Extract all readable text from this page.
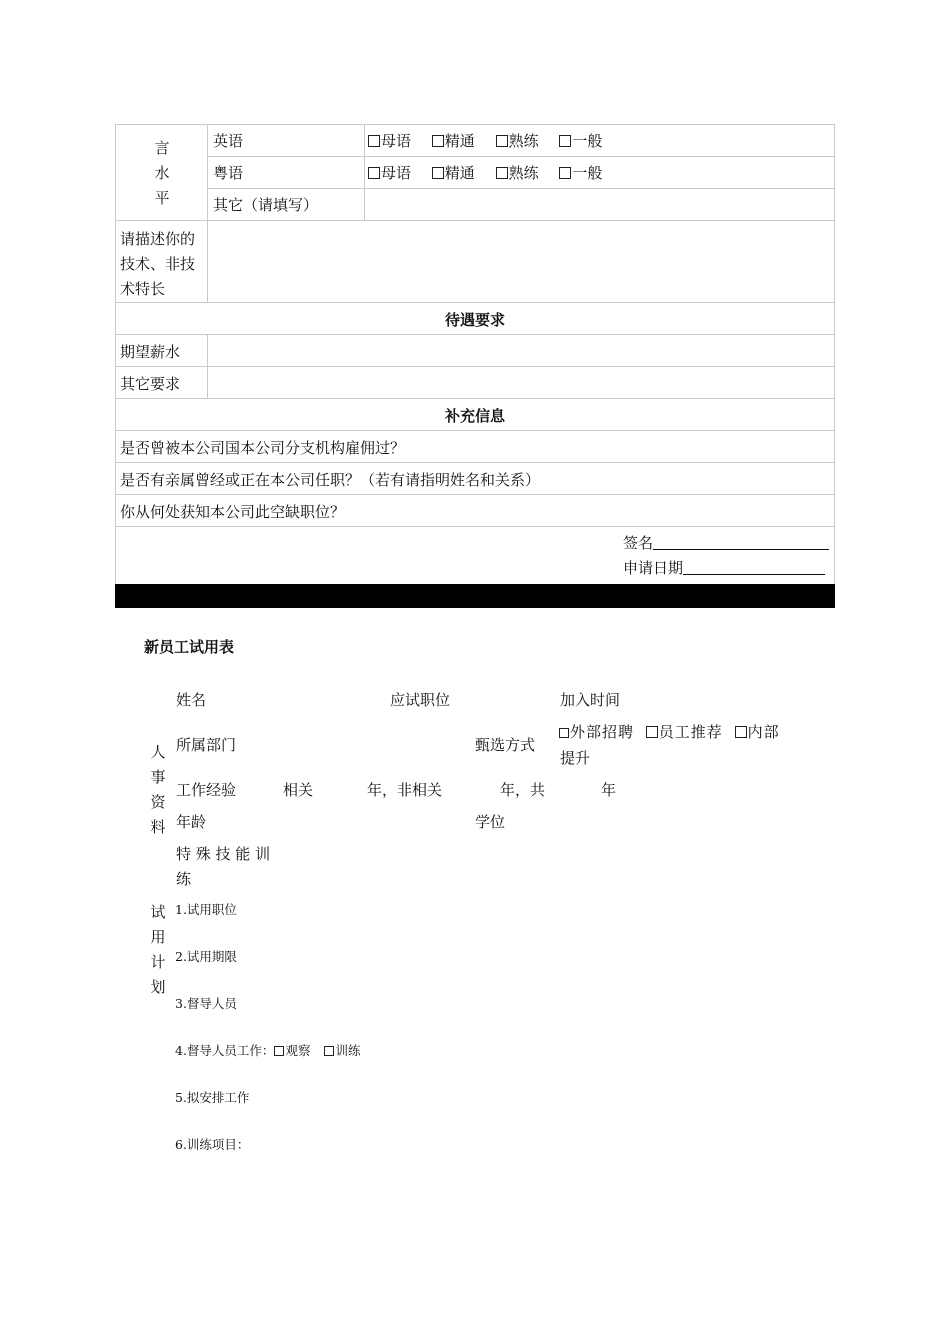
言
水
平
英语	母语 精通 熟练 一般
粤语	母语 精通 熟练 一般
其它（请填写）
请描述你的
技术、非技
术特长
待遇要求
期望薪水
其它要求
补充信息
是否曾被本公司国本公司分支机构雇佣过？
是否有亲属曾经或正在本公司任职？（若有请指明姓名和关系）
你从何处获知本公司此空缺职位？
签名
申请日期
新员工试用表
姓名	应试职位	加入时间
人
事
资
料
所属部门	甄选方式
外部招聘 员工推荐 内部
提升
工作经验	相关	年，非相关	年，共	年
年龄	学位
特 殊 技 能 训
练
试
用
计
划
1.试用职位
2.试用期限
3.督导人员
4.督导人员工作： 观察 训练
5.拟安排工作
6.训练项目：
